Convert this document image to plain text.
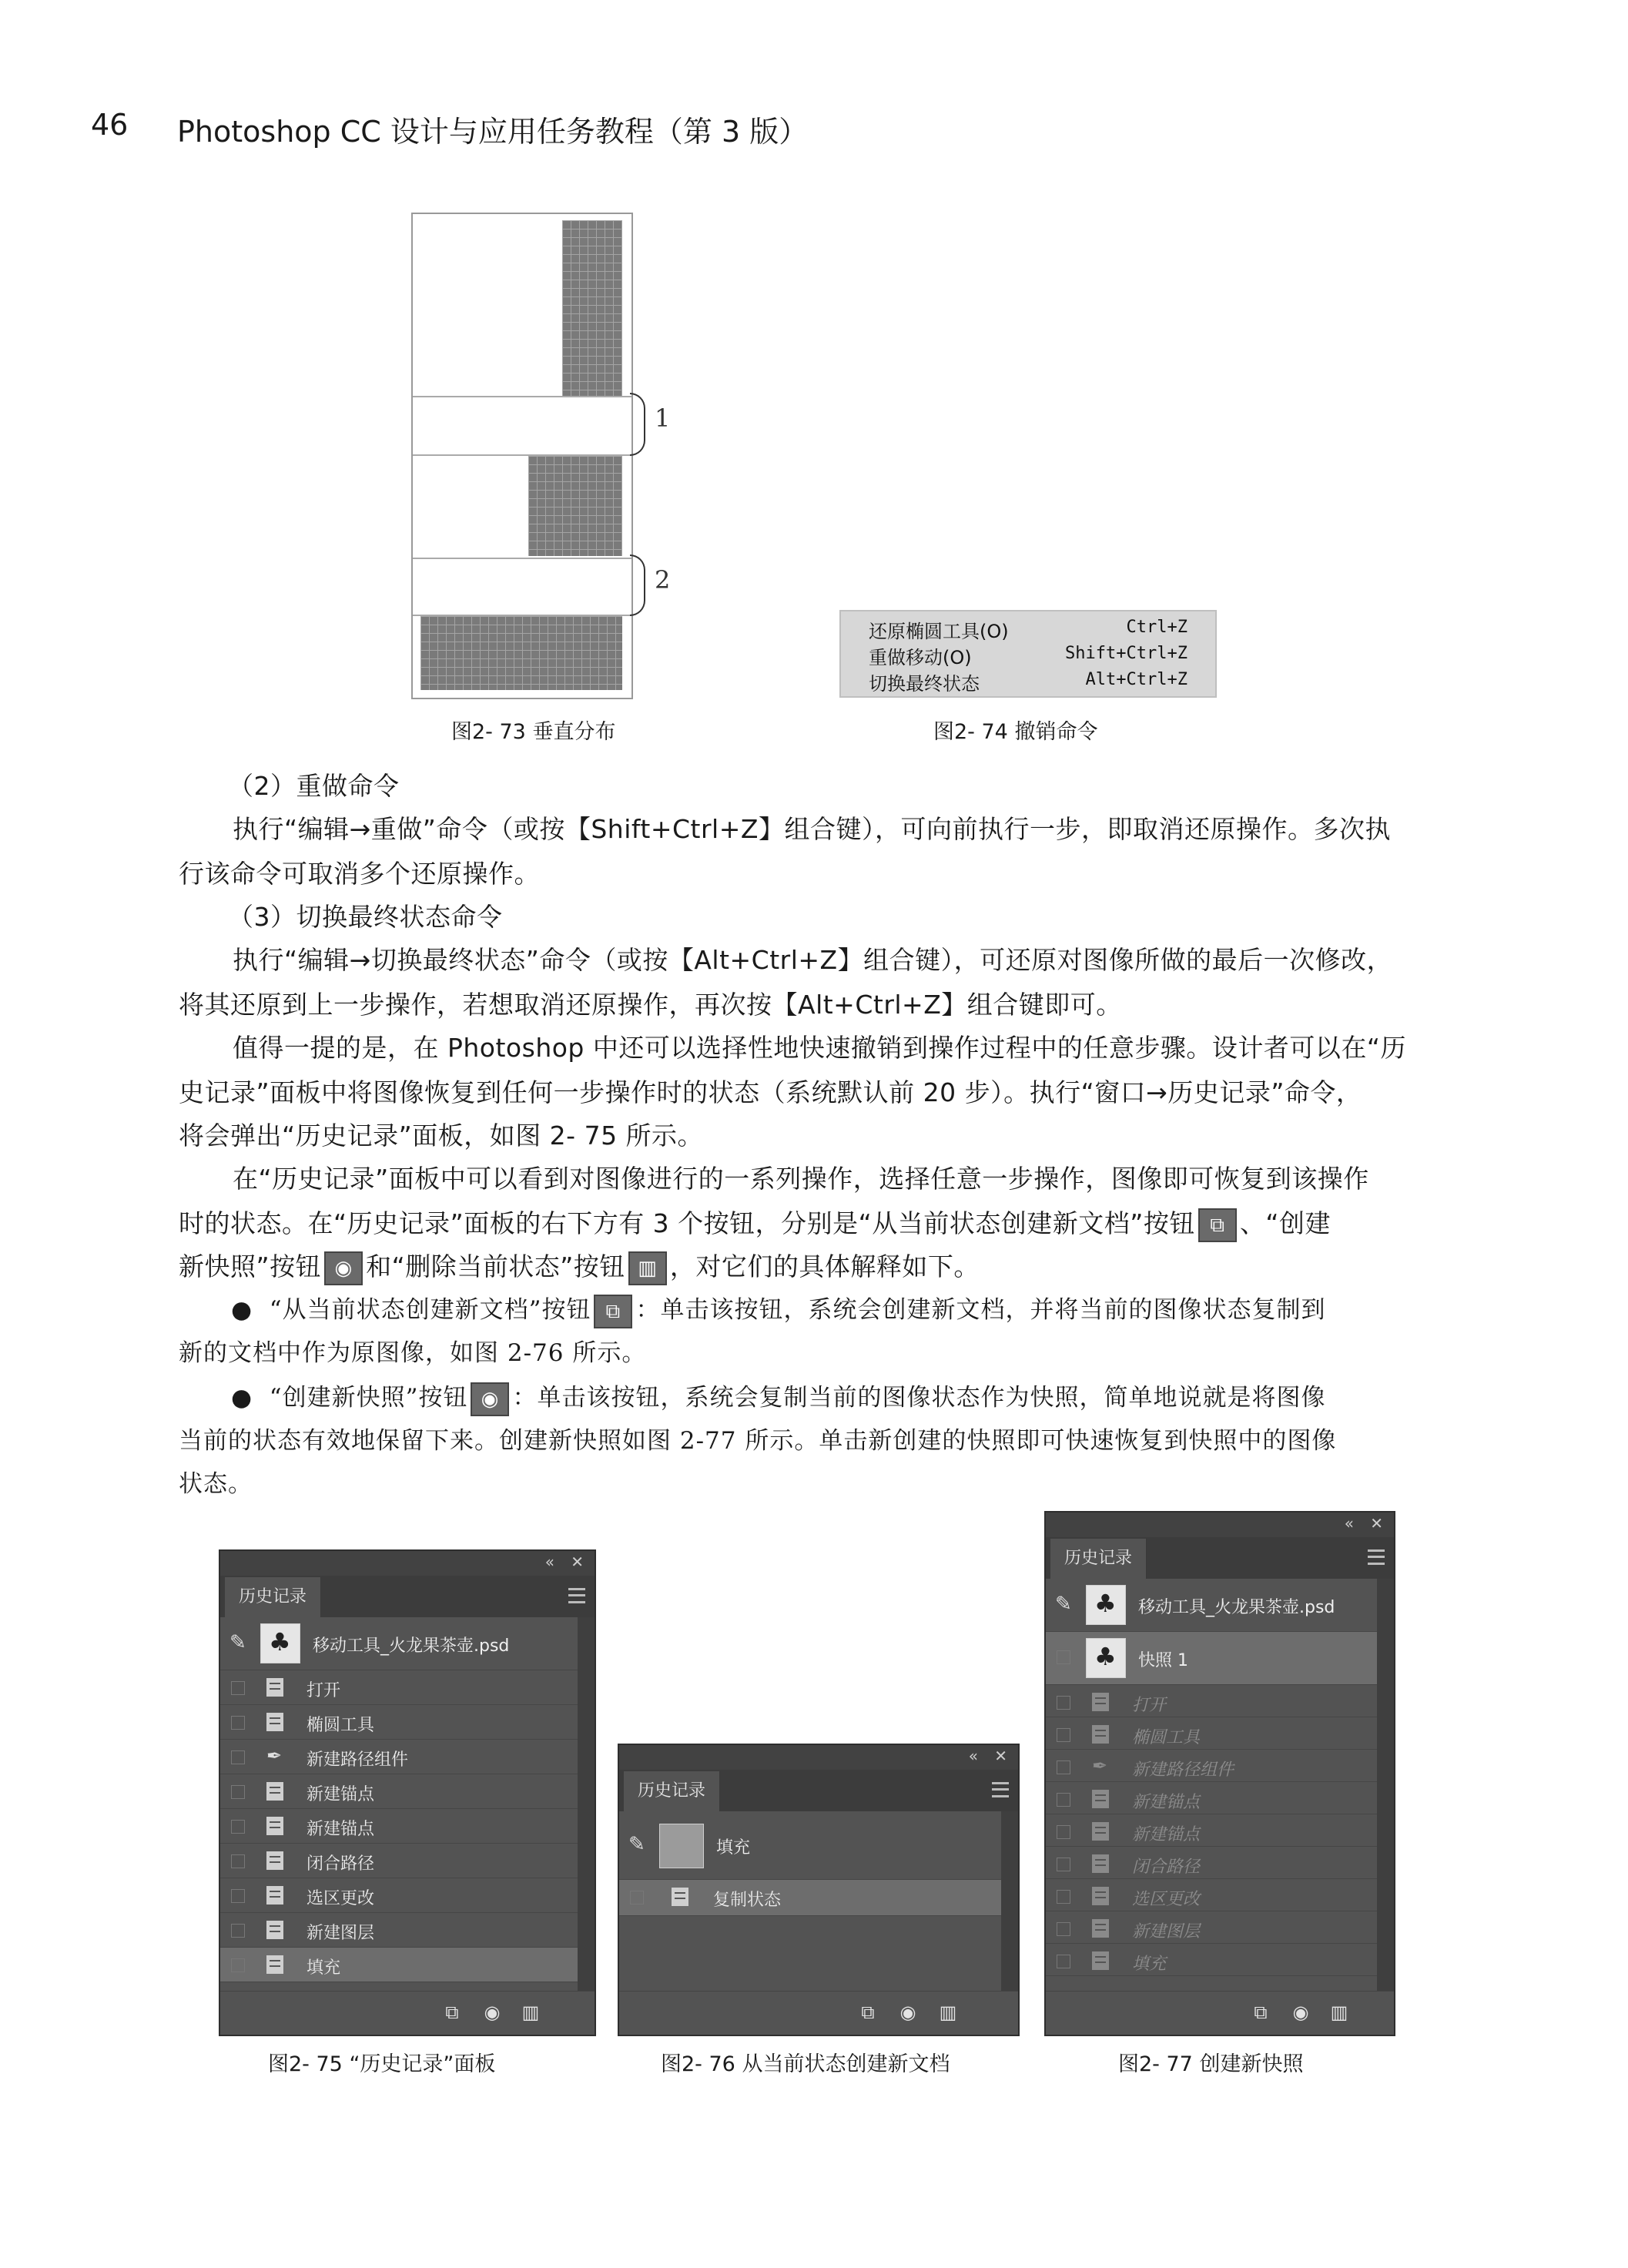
46 Photoshop CC 设计与应用任务教程（第 3 版）
1
2
图2- 73 垂直分布
还原椭圆工具(O)	Ctrl+Z
重做移动(O)	Shift+Ctrl+Z
切换最终状态	Alt+Ctrl+Z
图2- 74 撤销命令
（2）重做命令
执行“编辑→重做”命令（或按【Shift+Ctrl+Z】组合键），可向前执行一步，即取消还原操作。多次执
行该命令可取消多个还原操作。
（3）切换最终状态命令
执行“编辑→切换最终状态”命令（或按【Alt+Ctrl+Z】组合键），可还原对图像所做的最后一次修改，
将其还原到上一步操作，若想取消还原操作，再次按【Alt+Ctrl+Z】组合键即可。
值得一提的是，在 Photoshop 中还可以选择性地快速撤销到操作过程中的任意步骤。设计者可以在“历
史记录”面板中将图像恢复到任何一步操作时的状态（系统默认前 20 步）。执行“窗口→历史记录”命令，
将会弹出“历史记录”面板，如图 2- 75 所示。
在“历史记录”面板中可以看到对图像进行的一系列操作，选择任意一步操作，图像即可恢复到该操作
时的状态。在“历史记录”面板的右下方有 3 个按钮，分别是“从当前状态创建新文档”按钮 ⧉ 、“创建
新快照”按钮 ◉ 和“删除当前状态”按钮 ▥ ，对它们的具体解释如下。
●  “从当前状态创建新文档”按钮 ⧉ ：单击该按钮，系统会创建新文档，并将当前的图像状态复制到
新的文档中作为原图像，如图 2-76 所示。
●  “创建新快照”按钮 ◉ ：单击该按钮，系统会复制当前的图像状态作为快照，简单地说就是将图像
当前的状态有效地保留下来。创建新快照如图 2-77 所示。单击新创建的快照即可快速恢复到快照中的图像
状态。
« ✕
历史记录
✎ ♣	移动工具_火龙果茶壶.psd
打开
椭圆工具
✒ 新建路径组件
新建锚点
新建锚点
闭合路径
选区更改
新建图层
填充
⧉ ◉ ▥
图2- 75 “历史记录”面板
« ✕
历史记录
✎	填充
复制状态
⧉ ◉ ▥
图2- 76 从当前状态创建新文档
« ✕
历史记录
✎ ♣	移动工具_火龙果茶壶.psd
♣
快照 1
打开
椭圆工具
✒ 新建路径组件
新建锚点
新建锚点
闭合路径
选区更改
新建图层
填充
⧉ ◉ ▥
图2- 77 创建新快照
